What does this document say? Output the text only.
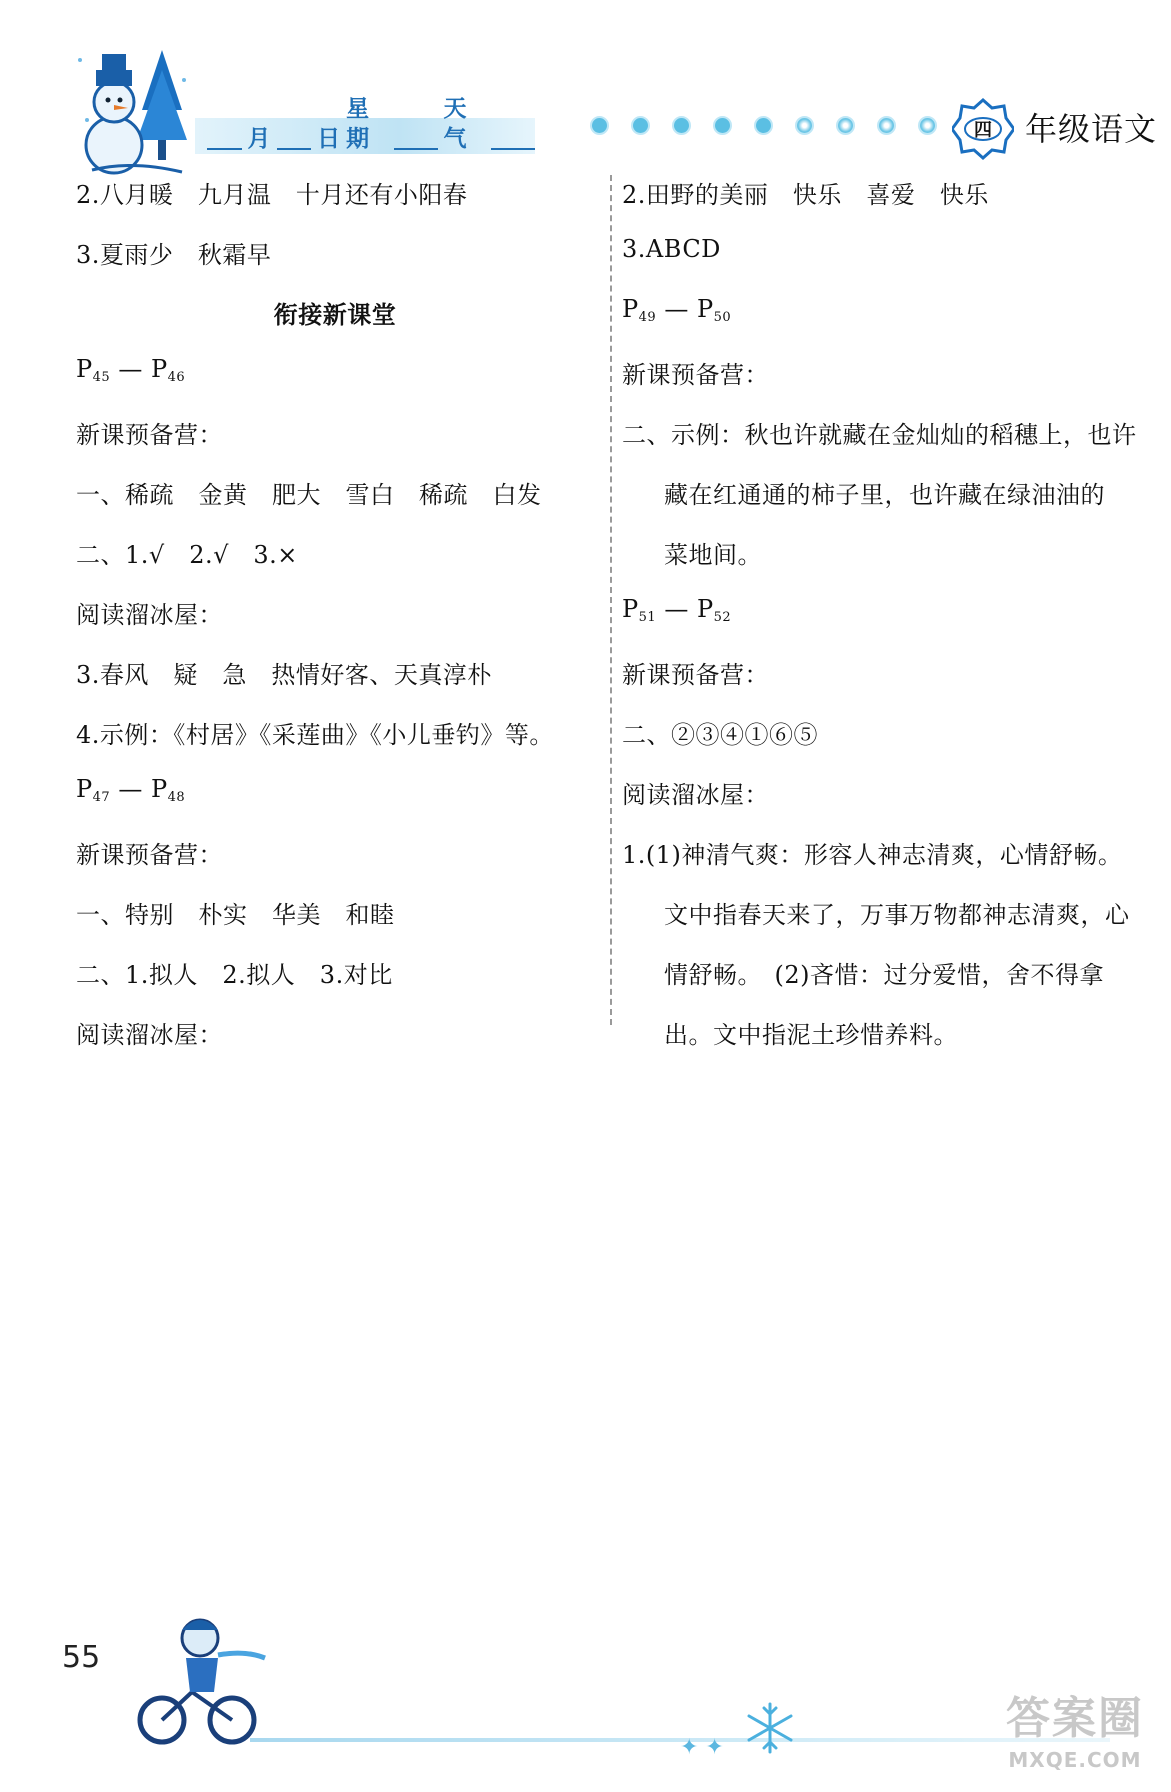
月 日
星期
天气	四 年级语文
2.八月暖　九月温　十月还有小阳春
3.夏雨少　秋霜早
衔接新课堂
$P_{45}$ — $P_{46}$
新课预备营：
一、稀疏　金黄　肥大　雪白　稀疏　白发
二、1.√　2.√　3.×
阅读溜冰屋：
3.春风　疑　急　热情好客、天真淳朴
4.示例：《村居》《采莲曲》《小儿垂钓》等。
$P_{47}$ — $P_{48}$
新课预备营：
一、特别　朴实　华美　和睦
二、1.拟人　2.拟人　3.对比
阅读溜冰屋：
2.田野的美丽　快乐　喜爱　快乐
3.ABCD
$P_{49}$ — $P_{50}$
新课预备营：
二、示例：秋也许就藏在金灿灿的稻穗上，也许
藏在红通通的柿子里，也许藏在绿油油的
菜地间。
$P_{51}$ — $P_{52}$
新课预备营：
二、②③④①⑥⑤
阅读溜冰屋：
1.(1)神清气爽：形容人神志清爽，心情舒畅。
文中指春天来了，万事万物都神志清爽，心
情舒畅。　(2)吝惜：过分爱惜，舍不得拿
出。文中指泥土珍惜养料。
55
✦ ✦
答案圈
MXQE.COM
